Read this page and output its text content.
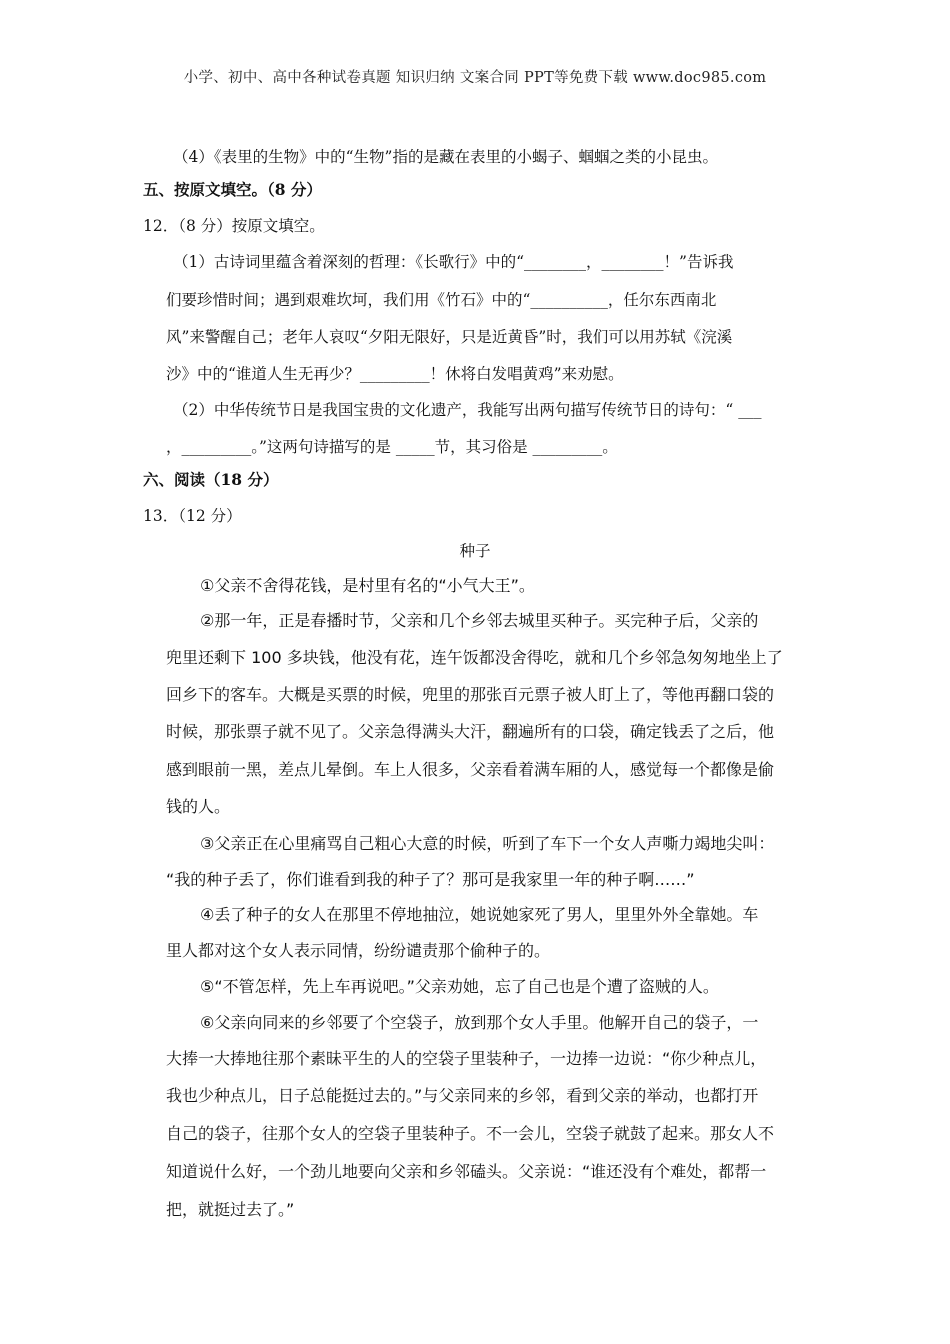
小学、初中、高中各种试卷真题 知识归纳 文案合同 PPT等免费下载 www.doc985.com
（4）《表里的生物》中的“生物”指的是藏在表里的小蝎子、蝈蝈之类的小昆虫。
五、按原文填空。（8 分）
12．（8 分）按原文填空。
（1）古诗词里蕴含着深刻的哲理：《长歌行》中的“________，________！”告诉我
们要珍惜时间；遇到艰难坎坷，我们用《竹石》中的“__________，任尔东西南北
风”来警醒自己；老年人哀叹“夕阳无限好，只是近黄昏”时，我们可以用苏轼《浣溪
沙》中的“谁道人生无再少？_________！休将白发唱黄鸡”来劝慰。
（2）中华传统节日是我国宝贵的文化遗产，我能写出两句描写传统节日的诗句：“ ___
，_________。”这两句诗描写的是 _____节，其习俗是 _________。
六、阅读（18 分）
13．（12 分）
种子
①父亲不舍得花钱，是村里有名的“小气大王”。
②那一年，正是春播时节，父亲和几个乡邻去城里买种子。买完种子后，父亲的
兜里还剩下 100 多块钱，他没有花，连午饭都没舍得吃，就和几个乡邻急匆匆地坐上了
回乡下的客车。大概是买票的时候，兜里的那张百元票子被人盯上了，等他再翻口袋的
时候，那张票子就不见了。父亲急得满头大汗，翻遍所有的口袋，确定钱丢了之后，他
感到眼前一黑，差点儿晕倒。车上人很多，父亲看着满车厢的人，感觉每一个都像是偷
钱的人。
③父亲正在心里痛骂自己粗心大意的时候，听到了车下一个女人声嘶力竭地尖叫：
“我的种子丢了，你们谁看到我的种子了？那可是我家里一年的种子啊……”
④丢了种子的女人在那里不停地抽泣，她说她家死了男人，里里外外全靠她。车
里人都对这个女人表示同情，纷纷谴责那个偷种子的。
⑤“不管怎样，先上车再说吧。”父亲劝她，忘了自己也是个遭了盗贼的人。
⑥父亲向同来的乡邻要了个空袋子，放到那个女人手里。他解开自己的袋子，一
大捧一大捧地往那个素昧平生的人的空袋子里装种子，一边捧一边说：“你少种点儿，
我也少种点儿，日子总能挺过去的。”与父亲同来的乡邻，看到父亲的举动，也都打开
自己的袋子，往那个女人的空袋子里装种子。不一会儿，空袋子就鼓了起来。那女人不
知道说什么好，一个劲儿地要向父亲和乡邻磕头。父亲说：“谁还没有个难处，都帮一
把，就挺过去了。”
